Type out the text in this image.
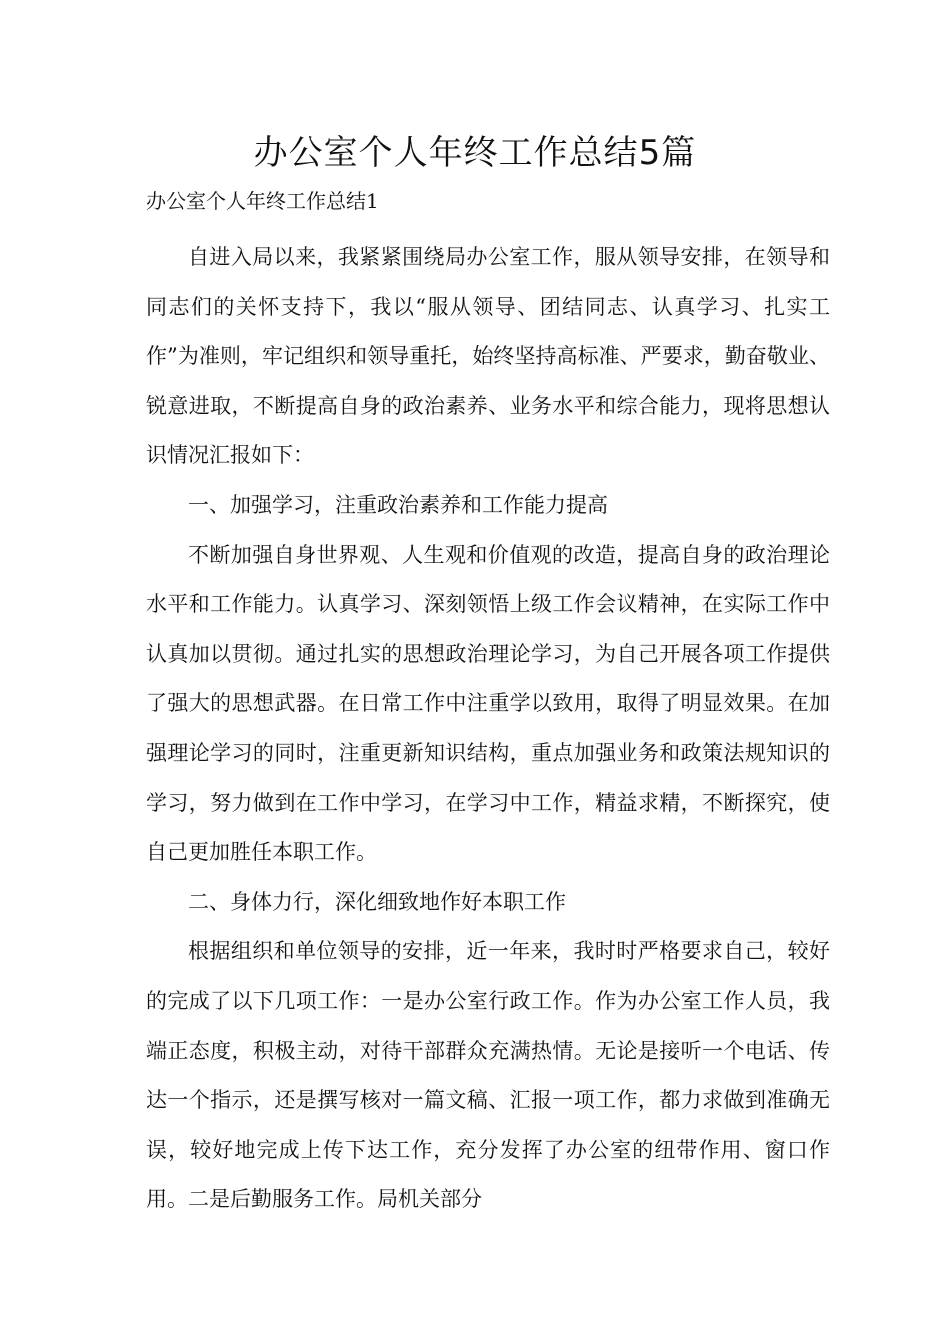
办公室个人年终工作总结5篇

办公室个人年终工作总结1

自进入局以来，我紧紧围绕局办公室工作，服从领导安排，在领导和同志们的关怀支持下，我以“服从领导、团结同志、认真学习、扎实工作”为准则，牢记组织和领导重托，始终坚持高标准、严要求，勤奋敬业、锐意进取，不断提高自身的政治素养、业务水平和综合能力，现将思想认识情况汇报如下：

一、加强学习，注重政治素养和工作能力提高

不断加强自身世界观、人生观和价值观的改造，提高自身的政治理论水平和工作能力。认真学习、深刻领悟上级工作会议精神，在实际工作中认真加以贯彻。通过扎实的思想政治理论学习，为自己开展各项工作提供了强大的思想武器。在日常工作中注重学以致用，取得了明显效果。在加强理论学习的同时，注重更新知识结构，重点加强业务和政策法规知识的学习，努力做到在工作中学习，在学习中工作，精益求精，不断探究，使自己更加胜任本职工作。

二、身体力行，深化细致地作好本职工作

根据组织和单位领导的安排，近一年来，我时时严格要求自己，较好的完成了以下几项工作：一是办公室行政工作。作为办公室工作人员，我端正态度，积极主动，对待干部群众充满热情。无论是接听一个电话、传达一个指示，还是撰写核对一篇文稿、汇报一项工作，都力求做到准确无误，较好地完成上传下达工作，充分发挥了办公室的纽带作用、窗口作用。二是后勤服务工作。局机关部分
